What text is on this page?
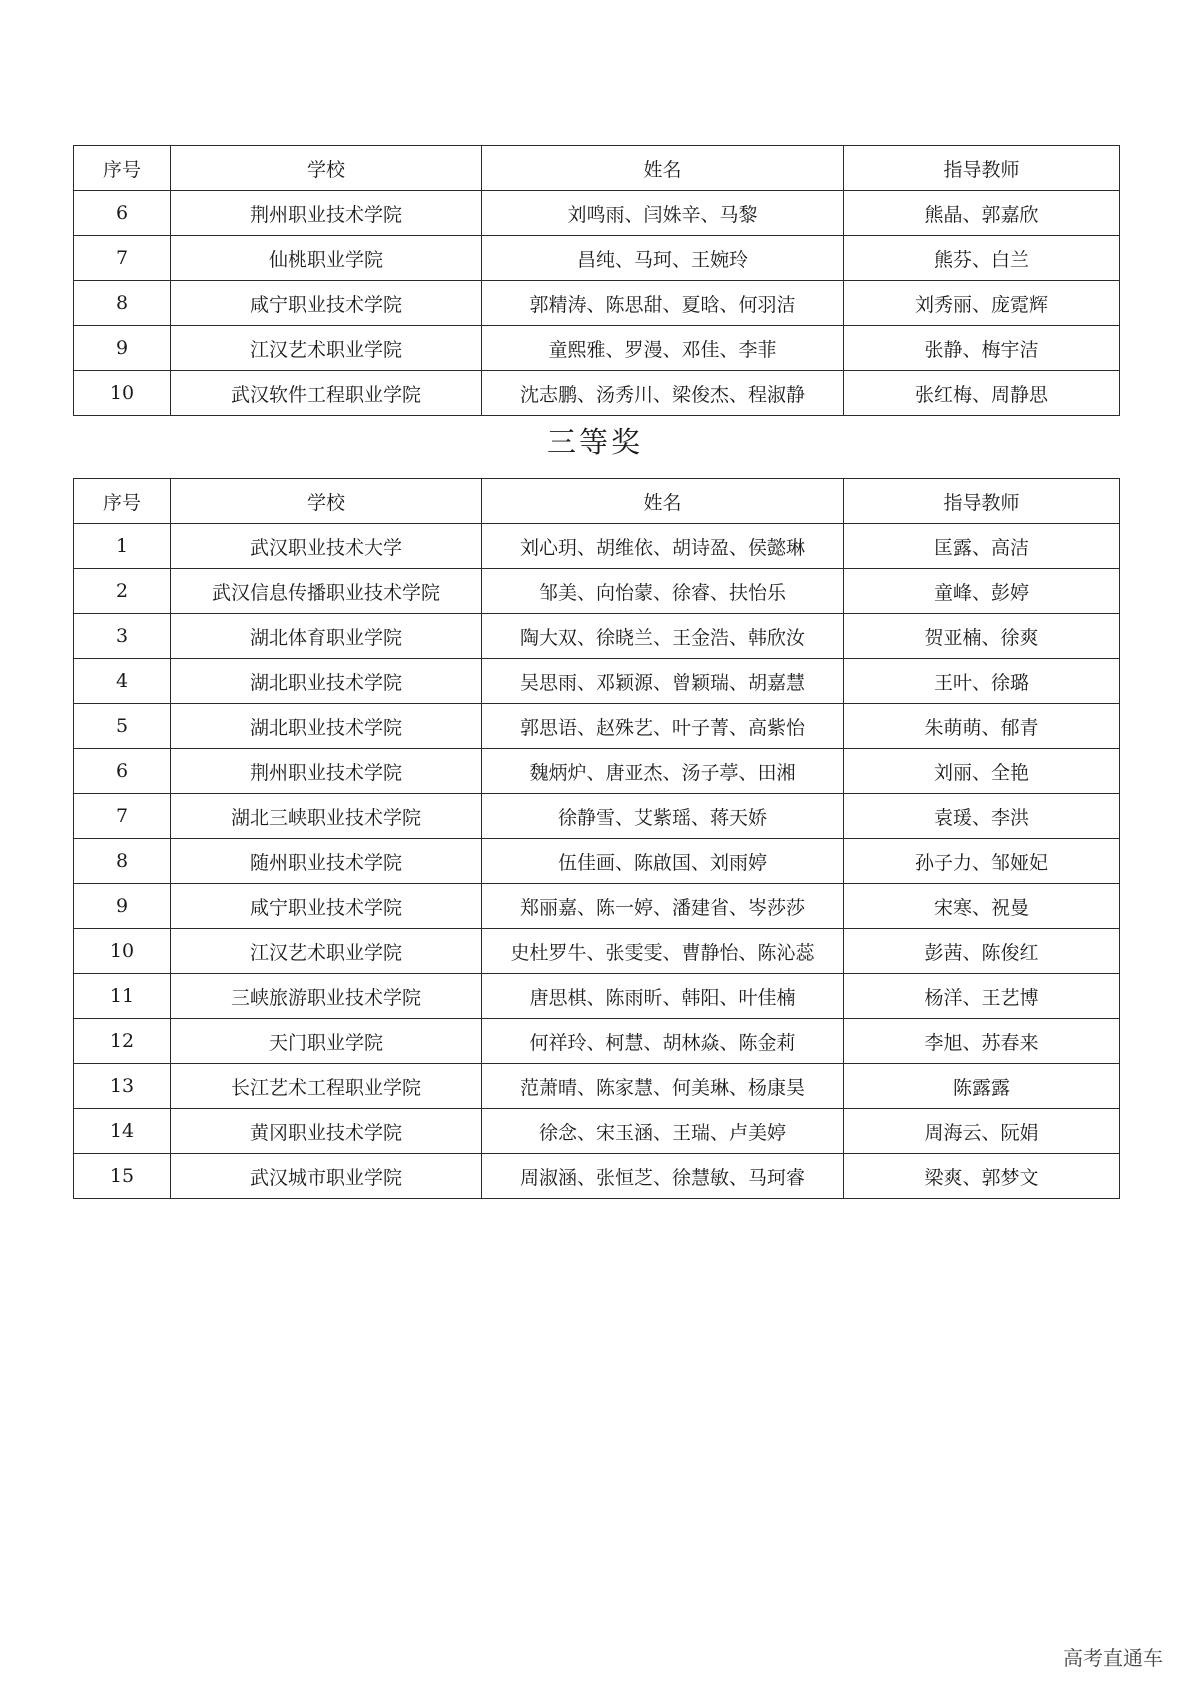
序号	学校	姓名	指导教师
6	荆州职业技术学院	刘鸣雨、闫姝辛、马黎	熊晶、郭嘉欣
7	仙桃职业学院	昌纯、马珂、王婉玲	熊芬、白兰
8	咸宁职业技术学院	郭精涛、陈思甜、夏晗、何羽洁	刘秀丽、庞霓辉
9	江汉艺术职业学院	童熙雅、罗漫、邓佳、李菲	张静、梅宇洁
10	武汉软件工程职业学院	沈志鹏、汤秀川、梁俊杰、程淑静	张红梅、周静思
三等奖
序号	学校	姓名	指导教师
1	武汉职业技术大学	刘心玥、胡维依、胡诗盈、侯懿琳	匡露、高洁
2	武汉信息传播职业技术学院	邹美、向怡蒙、徐睿、扶怡乐	童峰、彭婷
3	湖北体育职业学院	陶大双、徐晓兰、王金浩、韩欣汝	贺亚楠、徐爽
4	湖北职业技术学院	吴思雨、邓颖源、曾颖瑞、胡嘉慧	王叶、徐璐
5	湖北职业技术学院	郭思语、赵殊艺、叶子菁、高紫怡	朱萌萌、郁青
6	荆州职业技术学院	魏炳炉、唐亚杰、汤子葶、田湘	刘丽、全艳
7	湖北三峡职业技术学院	徐静雪、艾紫瑶、蒋天娇	袁瑗、李洪
8	随州职业技术学院	伍佳画、陈啟国、刘雨婷	孙子力、邹娅妃
9	咸宁职业技术学院	郑丽嘉、陈一婷、潘建省、岑莎莎	宋寒、祝曼
10	江汉艺术职业学院	史杜罗牛、张雯雯、曹静怡、陈沁蕊	彭茜、陈俊红
11	三峡旅游职业技术学院	唐思棋、陈雨昕、韩阳、叶佳楠	杨洋、王艺博
12	天门职业学院	何祥玲、柯慧、胡林焱、陈金莉	李旭、苏春来
13	长江艺术工程职业学院	范萧晴、陈家慧、何美琳、杨康昊	陈露露
14	黄冈职业技术学院	徐念、宋玉涵、王瑞、卢美婷	周海云、阮娟
15	武汉城市职业学院	周淑涵、张恒芝、徐慧敏、马珂睿	梁爽、郭梦文
高考直通车
